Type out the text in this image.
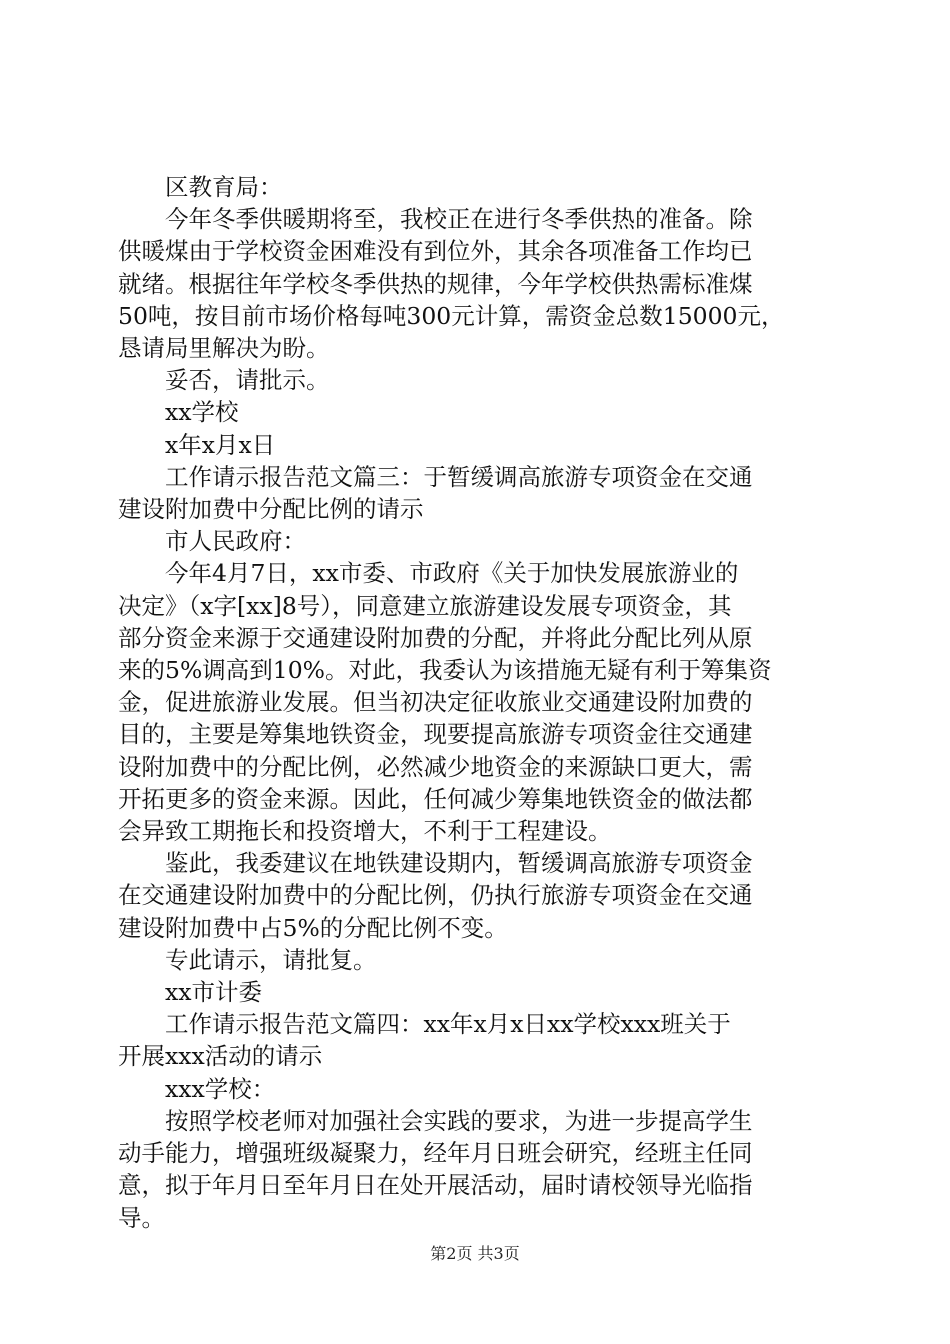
区教育局：

今年冬季供暖期将至，我校正在进行冬季供热的准备。除
供暖煤由于学校资金困难没有到位外，其余各项准备工作均已
就绪。根据往年学校冬季供热的规律，今年学校供热需标准煤
50吨，按目前市场价格每吨300元计算，需资金总数15000元，
恳请局里解决为盼。

妥否，请批示。

xx学校

x年x月x日

工作请示报告范文篇三：于暂缓调高旅游专项资金在交通
建设附加费中分配比例的请示

市人民政府：

今年4月7日，xx市委、市政府《关于加快发展旅游业的
决定》（x字[xx]8号），同意建立旅游建设发展专项资金，其
部分资金来源于交通建设附加费的分配，并将此分配比列从原
来的5%调高到10%。对此，我委认为该措施无疑有利于筹集资
金，促进旅游业发展。但当初决定征收旅业交通建设附加费的
目的，主要是筹集地铁资金，现要提高旅游专项资金往交通建
设附加费中的分配比例，必然减少地资金的来源缺口更大，需
开拓更多的资金来源。因此，任何减少筹集地铁资金的做法都
会异致工期拖长和投资增大，不利于工程建设。

鉴此，我委建议在地铁建设期内，暂缓调高旅游专项资金
在交通建设附加费中的分配比例，仍执行旅游专项资金在交通
建设附加费中占5%的分配比例不变。

专此请示，请批复。

xx市计委

工作请示报告范文篇四：xx年x月x日xx学校xxx班关于
开展xxx活动的请示

xxx学校：

按照学校老师对加强社会实践的要求，为进一步提高学生
动手能力，增强班级凝聚力，经年月日班会研究，经班主任同
意，拟于年月日至年月日在处开展活动，届时请校领导光临指
导。

第2页 共3页
